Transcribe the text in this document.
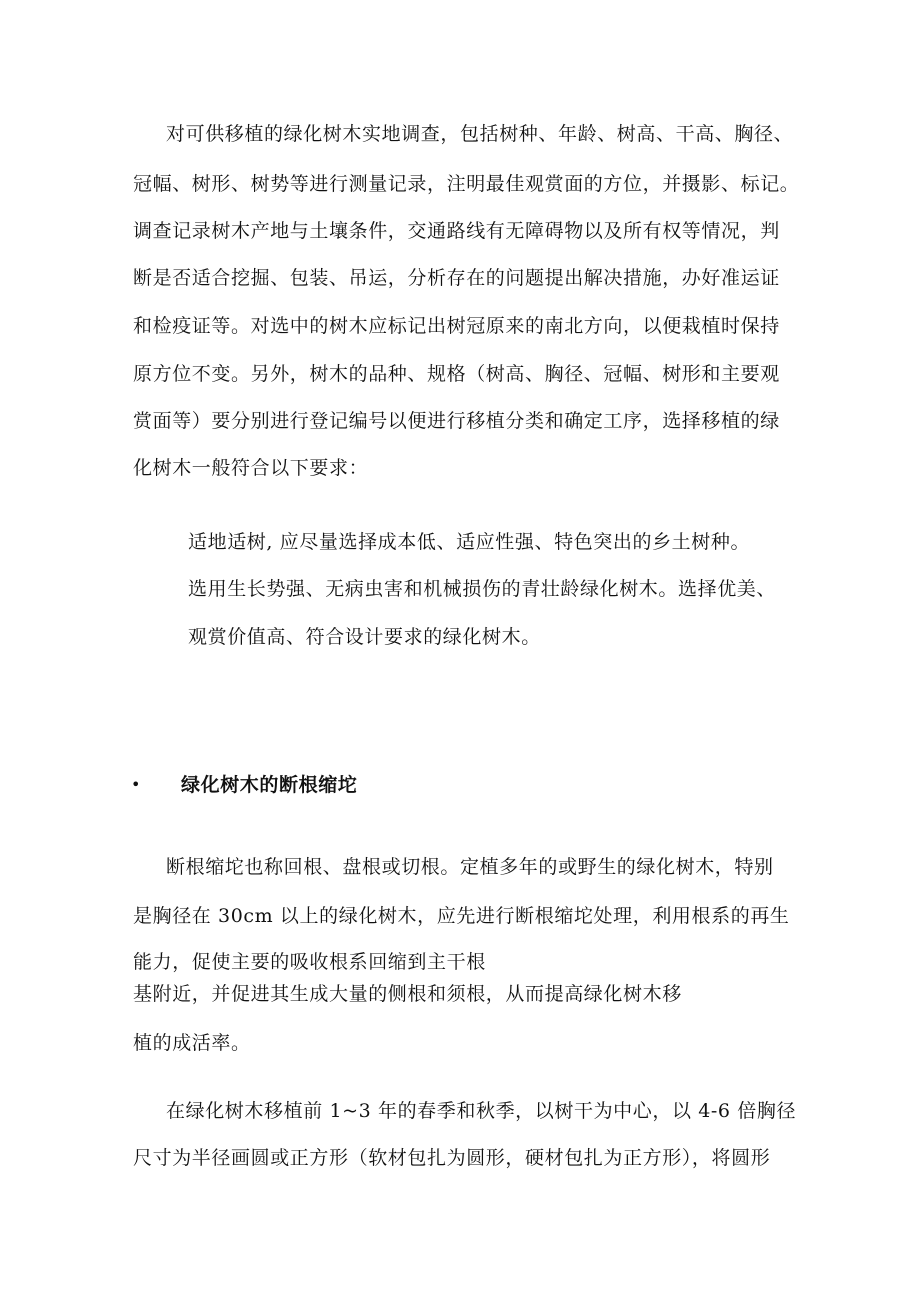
对可供移植的绿化树木实地调查，包括树种、年龄、树高、干高、胸径、
冠幅、树形、树势等进行测量记录，注明最佳观赏面的方位，并摄影、标记。
调查记录树木产地与土壤条件，交通路线有无障碍物以及所有权等情况，判
断是否适合挖掘、包装、吊运，分析存在的问题提出解决措施，办好准运证
和检疫证等。对选中的树木应标记出树冠原来的南北方向，以便栽植时保持
原方位不变。另外，树木的品种、规格（树高、胸径、冠幅、树形和主要观
赏面等）要分别进行登记编号以便进行移植分类和确定工序，选择移植的绿
化树木一般符合以下要求：
适地适树, 应尽量选择成本低、适应性强、特色突出的乡土树种。
选用生长势强、无病虫害和机械损伤的青壮龄绿化树木。选择优美、
观赏价值高、符合设计要求的绿化树木。
• 绿化树木的断根缩坨
断根缩坨也称回根、盘根或切根。定植多年的或野生的绿化树木，特别
是胸径在 30cm 以上的绿化树木，应先进行断根缩坨处理，利用根系的再生
能力，促使主要的吸收根系回缩到主干根
基附近，并促进其生成大量的侧根和须根，从而提高绿化树木移
植的成活率。
在绿化树木移植前 1~3 年的春季和秋季，以树干为中心，以 4-6 倍胸径
尺寸为半径画圆或正方形（软材包扎为圆形，硬材包扎为正方形），将圆形
